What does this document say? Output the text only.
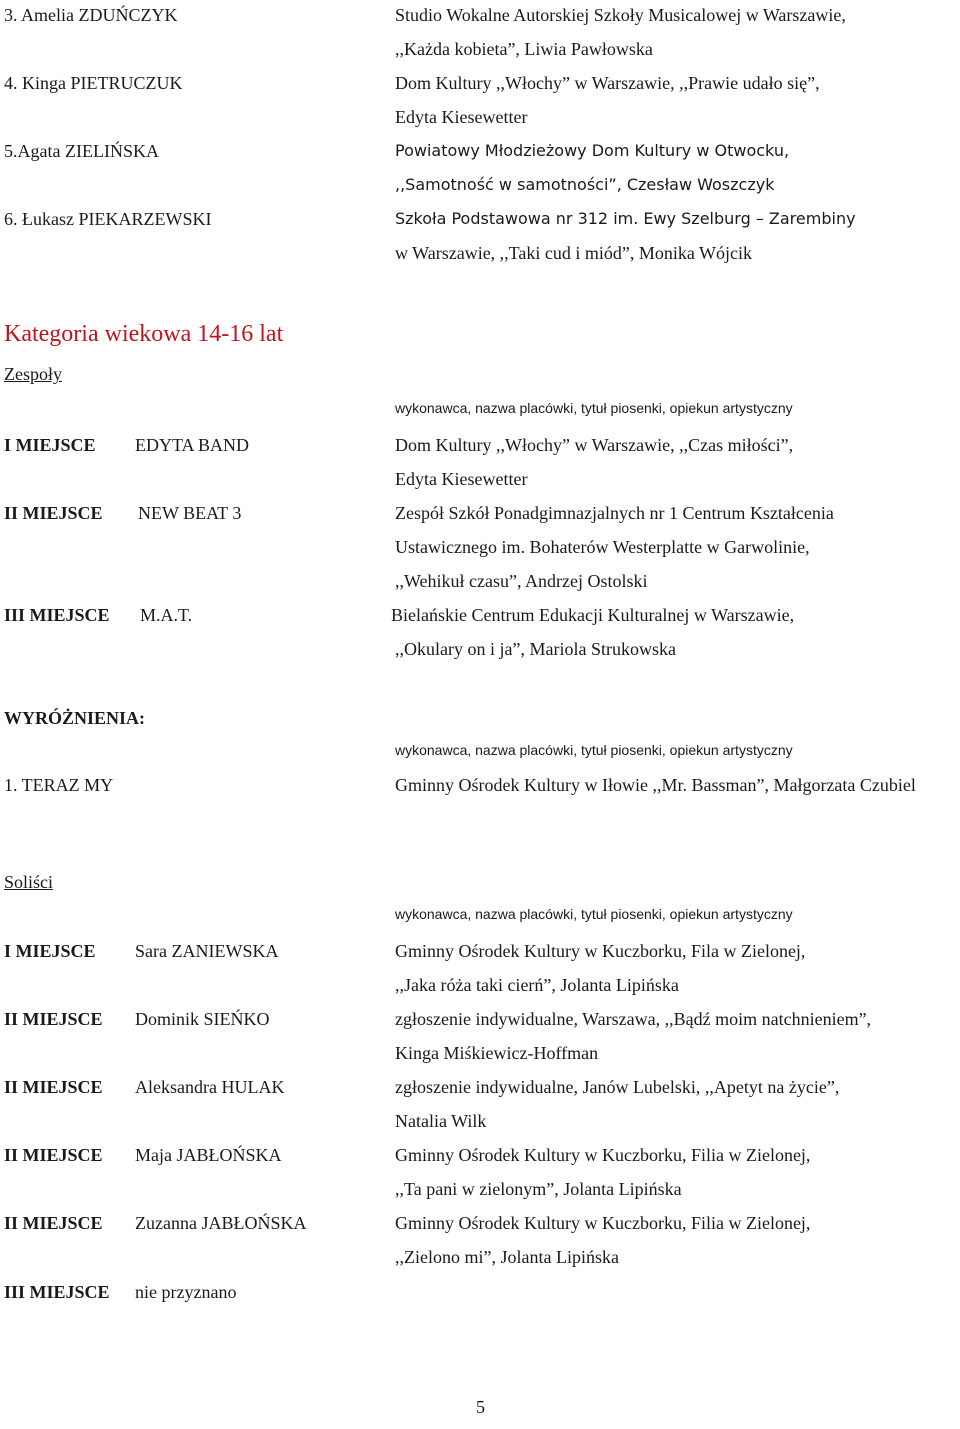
3. Amelia ZDUŃCZYK	Studio Wokalne Autorskiej Szkoły Musicalowej w Warszawie,
,,Każda kobieta”, Liwia Pawłowska
4. Kinga PIETRUCZUK	Dom Kultury ,,Włochy” w Warszawie, ,,Prawie udało się”,
Edyta Kiesewetter
5.Agata ZIELIŃSKA	Powiatowy Młodzieżowy Dom Kultury w Otwocku,
,,Samotność w samotności”, Czesław Woszczyk
6. Łukasz PIEKARZEWSKI	Szkoła Podstawowa nr 312 im. Ewy Szelburg – Zarembiny
w Warszawie, ,,Taki cud i miód”, Monika Wójcik
Kategoria wiekowa 14-16 lat
Zespoły
wykonawca, nazwa placówki, tytuł piosenki, opiekun artystyczny
I MIEJSCE EDYTA BAND	Dom Kultury ,,Włochy” w Warszawie, ,,Czas miłości”,
Edyta Kiesewetter
II MIEJSCE NEW BEAT 3	Zespół Szkół Ponadgimnazjalnych nr 1 Centrum Kształcenia
Ustawicznego im. Bohaterów Westerplatte w Garwolinie,
,,Wehikuł czasu”, Andrzej Ostolski
III MIEJSCE M.A.T.	Bielańskie Centrum Edukacji Kulturalnej w Warszawie,
,,Okulary on i ja”, Mariola Strukowska
WYRÓŻNIENIA:
wykonawca, nazwa placówki, tytuł piosenki, opiekun artystyczny
1. TERAZ MY	Gminny Ośrodek Kultury w Iłowie ,,Mr. Bassman”, Małgorzata Czubiel
Soliści
wykonawca, nazwa placówki, tytuł piosenki, opiekun artystyczny
I MIEJSCE Sara ZANIEWSKA	Gminny Ośrodek Kultury w Kuczborku, Fila w Zielonej,
,,Jaka róża taki cierń”, Jolanta Lipińska
II MIEJSCE Dominik SIEŃKO	zgłoszenie indywidualne, Warszawa, ,,Bądź moim natchnieniem”,
Kinga Miśkiewicz-Hoffman
II MIEJSCE Aleksandra HULAK	zgłoszenie indywidualne, Janów Lubelski, ,,Apetyt na życie”,
Natalia Wilk
II MIEJSCE Maja JABŁOŃSKA	Gminny Ośrodek Kultury w Kuczborku, Filia w Zielonej,
,,Ta pani w zielonym”, Jolanta Lipińska
II MIEJSCE Zuzanna JABŁOŃSKA	Gminny Ośrodek Kultury w Kuczborku, Filia w Zielonej,
,,Zielono mi”, Jolanta Lipińska
III MIEJSCE nie przyznano
5
